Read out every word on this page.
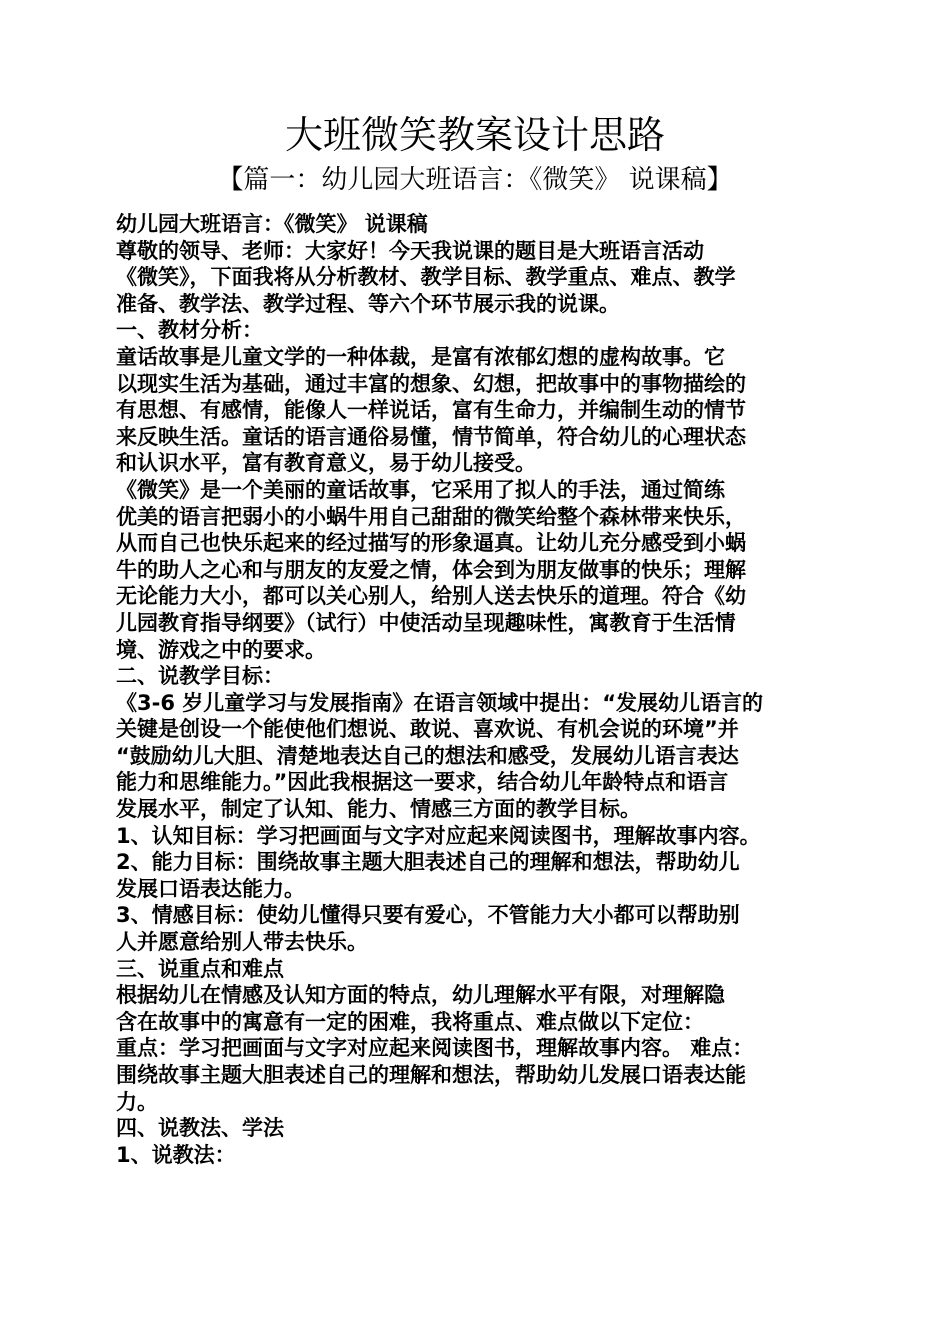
大班微笑教案设计思路
【篇一：幼儿园大班语言：《微笑》 说课稿】
幼儿园大班语言：《微笑》 说课稿
尊敬的领导、老师：大家好！今天我说课的题目是大班语言活动
《微笑》，下面我将从分析教材、教学目标、教学重点、难点、教学
准备、教学法、教学过程、等六个环节展示我的说课。
一、教材分析：
童话故事是儿童文学的一种体裁，是富有浓郁幻想的虚构故事。它
以现实生活为基础，通过丰富的想象、幻想，把故事中的事物描绘的
有思想、有感情，能像人一样说话，富有生命力，并编制生动的情节
来反映生活。童话的语言通俗易懂，情节简单，符合幼儿的心理状态
和认识水平，富有教育意义，易于幼儿接受。
《微笑》是一个美丽的童话故事，它采用了拟人的手法，通过简练
优美的语言把弱小的小蜗牛用自己甜甜的微笑给整个森林带来快乐，
从而自己也快乐起来的经过描写的形象逼真。让幼儿充分感受到小蜗
牛的助人之心和与朋友的友爱之情，体会到为朋友做事的快乐；理解
无论能力大小，都可以关心别人，给别人送去快乐的道理。符合《幼
儿园教育指导纲要》（试行）中使活动呈现趣味性，寓教育于生活情
境、游戏之中的要求。
二、说教学目标：
《3-6 岁儿童学习与发展指南》在语言领域中提出：“发展幼儿语言的
关键是创设一个能使他们想说、敢说、喜欢说、有机会说的环境”并
“鼓励幼儿大胆、清楚地表达自己的想法和感受，发展幼儿语言表达
能力和思维能力。”因此我根据这一要求，结合幼儿年龄特点和语言
发展水平，制定了认知、能力、情感三方面的教学目标。
1、认知目标：学习把画面与文字对应起来阅读图书，理解故事内容。
2、能力目标：围绕故事主题大胆表述自己的理解和想法，帮助幼儿
发展口语表达能力。
3、情感目标：使幼儿懂得只要有爱心，不管能力大小都可以帮助别
人并愿意给别人带去快乐。
三、说重点和难点
根据幼儿在情感及认知方面的特点，幼儿理解水平有限，对理解隐
含在故事中的寓意有一定的困难，我将重点、难点做以下定位：
重点：学习把画面与文字对应起来阅读图书，理解故事内容。 难点：
围绕故事主题大胆表述自己的理解和想法，帮助幼儿发展口语表达能
力。
四、说教法、学法
1、说教法：
